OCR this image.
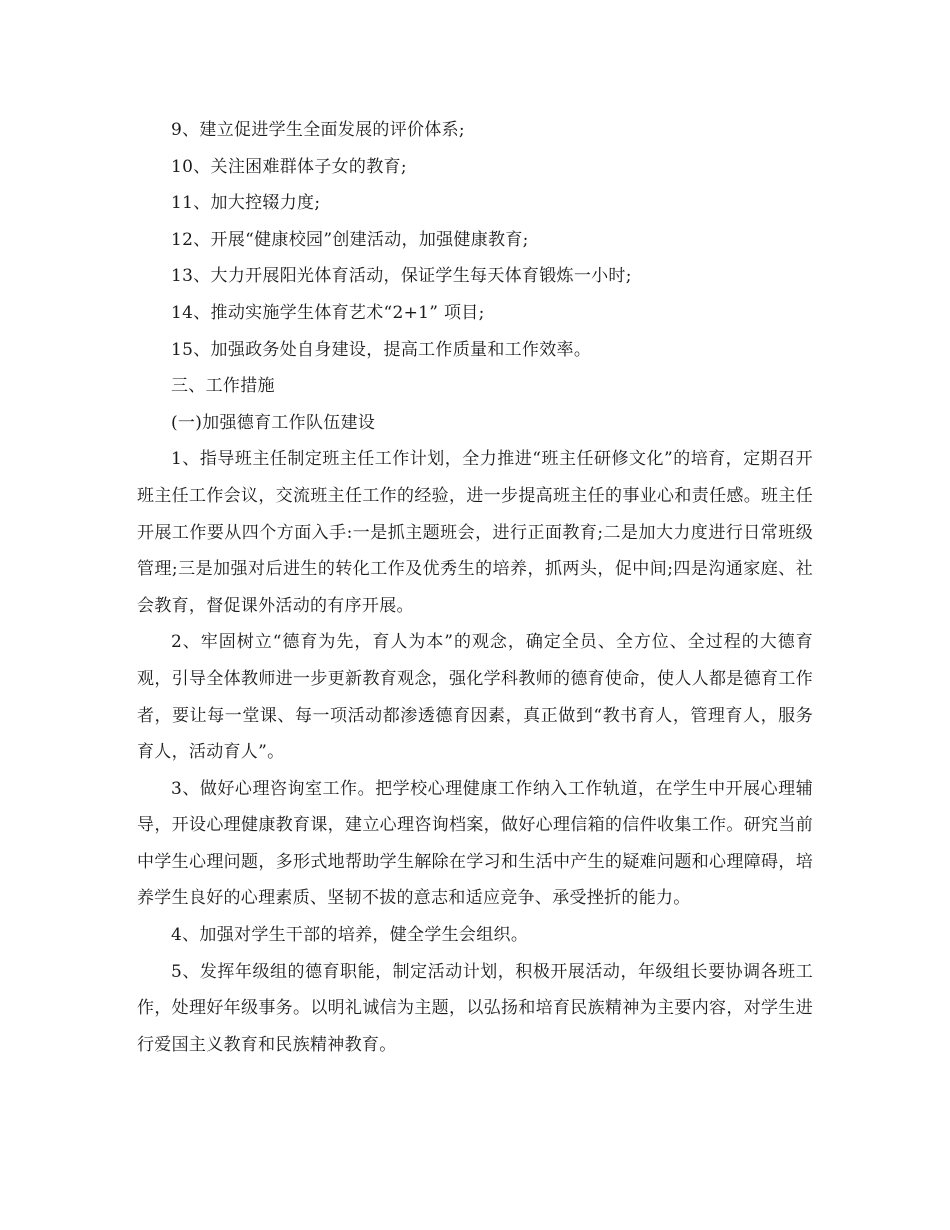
9、建立促进学生全面发展的评价体系;
10、关注困难群体子女的教育;
11、加大控辍力度;
12、开展“健康校园”创建活动，加强健康教育;
13、大力开展阳光体育活动，保证学生每天体育锻炼一小时;
14、推动实施学生体育艺术“2+1” 项目;
15、加强政务处自身建设，提高工作质量和工作效率。
三、工作措施
(一)加强德育工作队伍建设

1、指导班主任制定班主任工作计划，全力推进“班主任研修文化”的培育，定期召开班主任工作会议，交流班主任工作的经验，进一步提高班主任的事业心和责任感。班主任开展工作要从四个方面入手:一是抓主题班会，进行正面教育;二是加大力度进行日常班级管理;三是加强对后进生的转化工作及优秀生的培养，抓两头，促中间;四是沟通家庭、社会教育，督促课外活动的有序开展。

2、牢固树立“德育为先，育人为本”的观念，确定全员、全方位、全过程的大德育观，引导全体教师进一步更新教育观念，强化学科教师的德育使命，使人人都是德育工作者，要让每一堂课、每一项活动都渗透德育因素，真正做到“教书育人，管理育人，服务育人，活动育人”。

3、做好心理咨询室工作。把学校心理健康工作纳入工作轨道，在学生中开展心理辅导，开设心理健康教育课，建立心理咨询档案，做好心理信箱的信件收集工作。研究当前中学生心理问题，多形式地帮助学生解除在学习和生活中产生的疑难问题和心理障碍，培养学生良好的心理素质、坚韧不拔的意志和适应竞争、承受挫折的能力。

4、加强对学生干部的培养，健全学生会组织。

5、发挥年级组的德育职能，制定活动计划，积极开展活动，年级组长要协调各班工作，处理好年级事务。以明礼诚信为主题，以弘扬和培育民族精神为主要内容，对学生进行爱国主义教育和民族精神教育。
